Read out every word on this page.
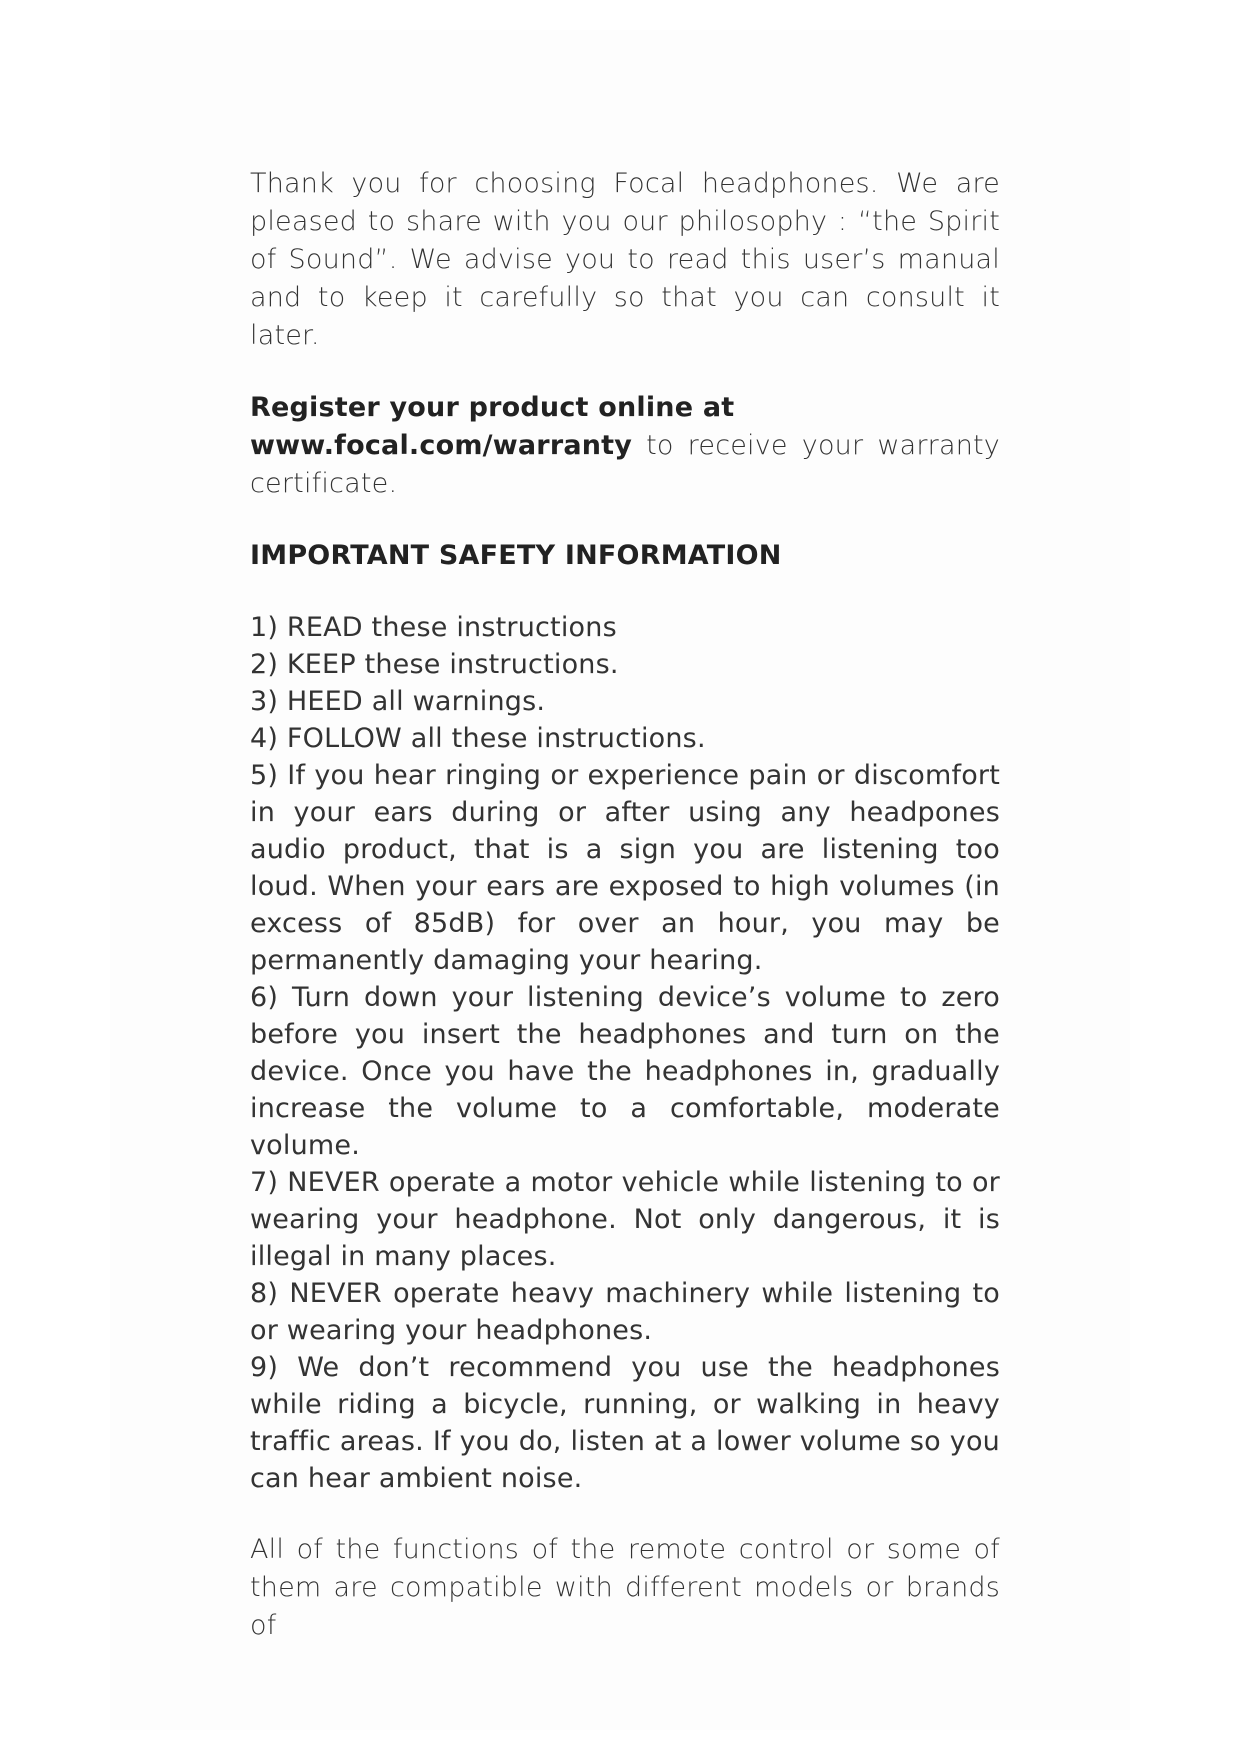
Thank you for choosing Focal headphones. We are pleased to share with you our philosophy : “the Spirit of Sound”. We advise you to read this user’s manual and to keep it carefully so that you can consult it later.

Register your product online at
www.focal.com/warranty to receive your warranty certificate.

IMPORTANT SAFETY INFORMATION

1) READ these instructions

2) KEEP these instructions.

3) HEED all warnings.

4) FOLLOW all these instructions.

5) If you hear ringing or experience pain or discomfort in your ears during or after using any headpones audio product, that is a sign you are listening too loud. When your ears are exposed to high volumes (in excess of 85dB) for over an hour, you may be permanently damaging your hearing.

6) Turn down your listening device’s volume to zero before you insert the headphones and turn on the device. Once you have the headphones in, gradually increase the volume to a comfortable, moderate volume.

7) NEVER operate a motor vehicle while listening to or wearing your headphone. Not only dangerous, it is illegal in many places.

8) NEVER operate heavy machinery while listening to or wearing your headphones.

9) We don’t recommend you use the headphones while riding a bicycle, running, or walking in heavy traffic areas. If you do, listen at a lower volume so you can hear ambient noise.

All of the functions of the remote control or some of them are compatible with different models or brands of
